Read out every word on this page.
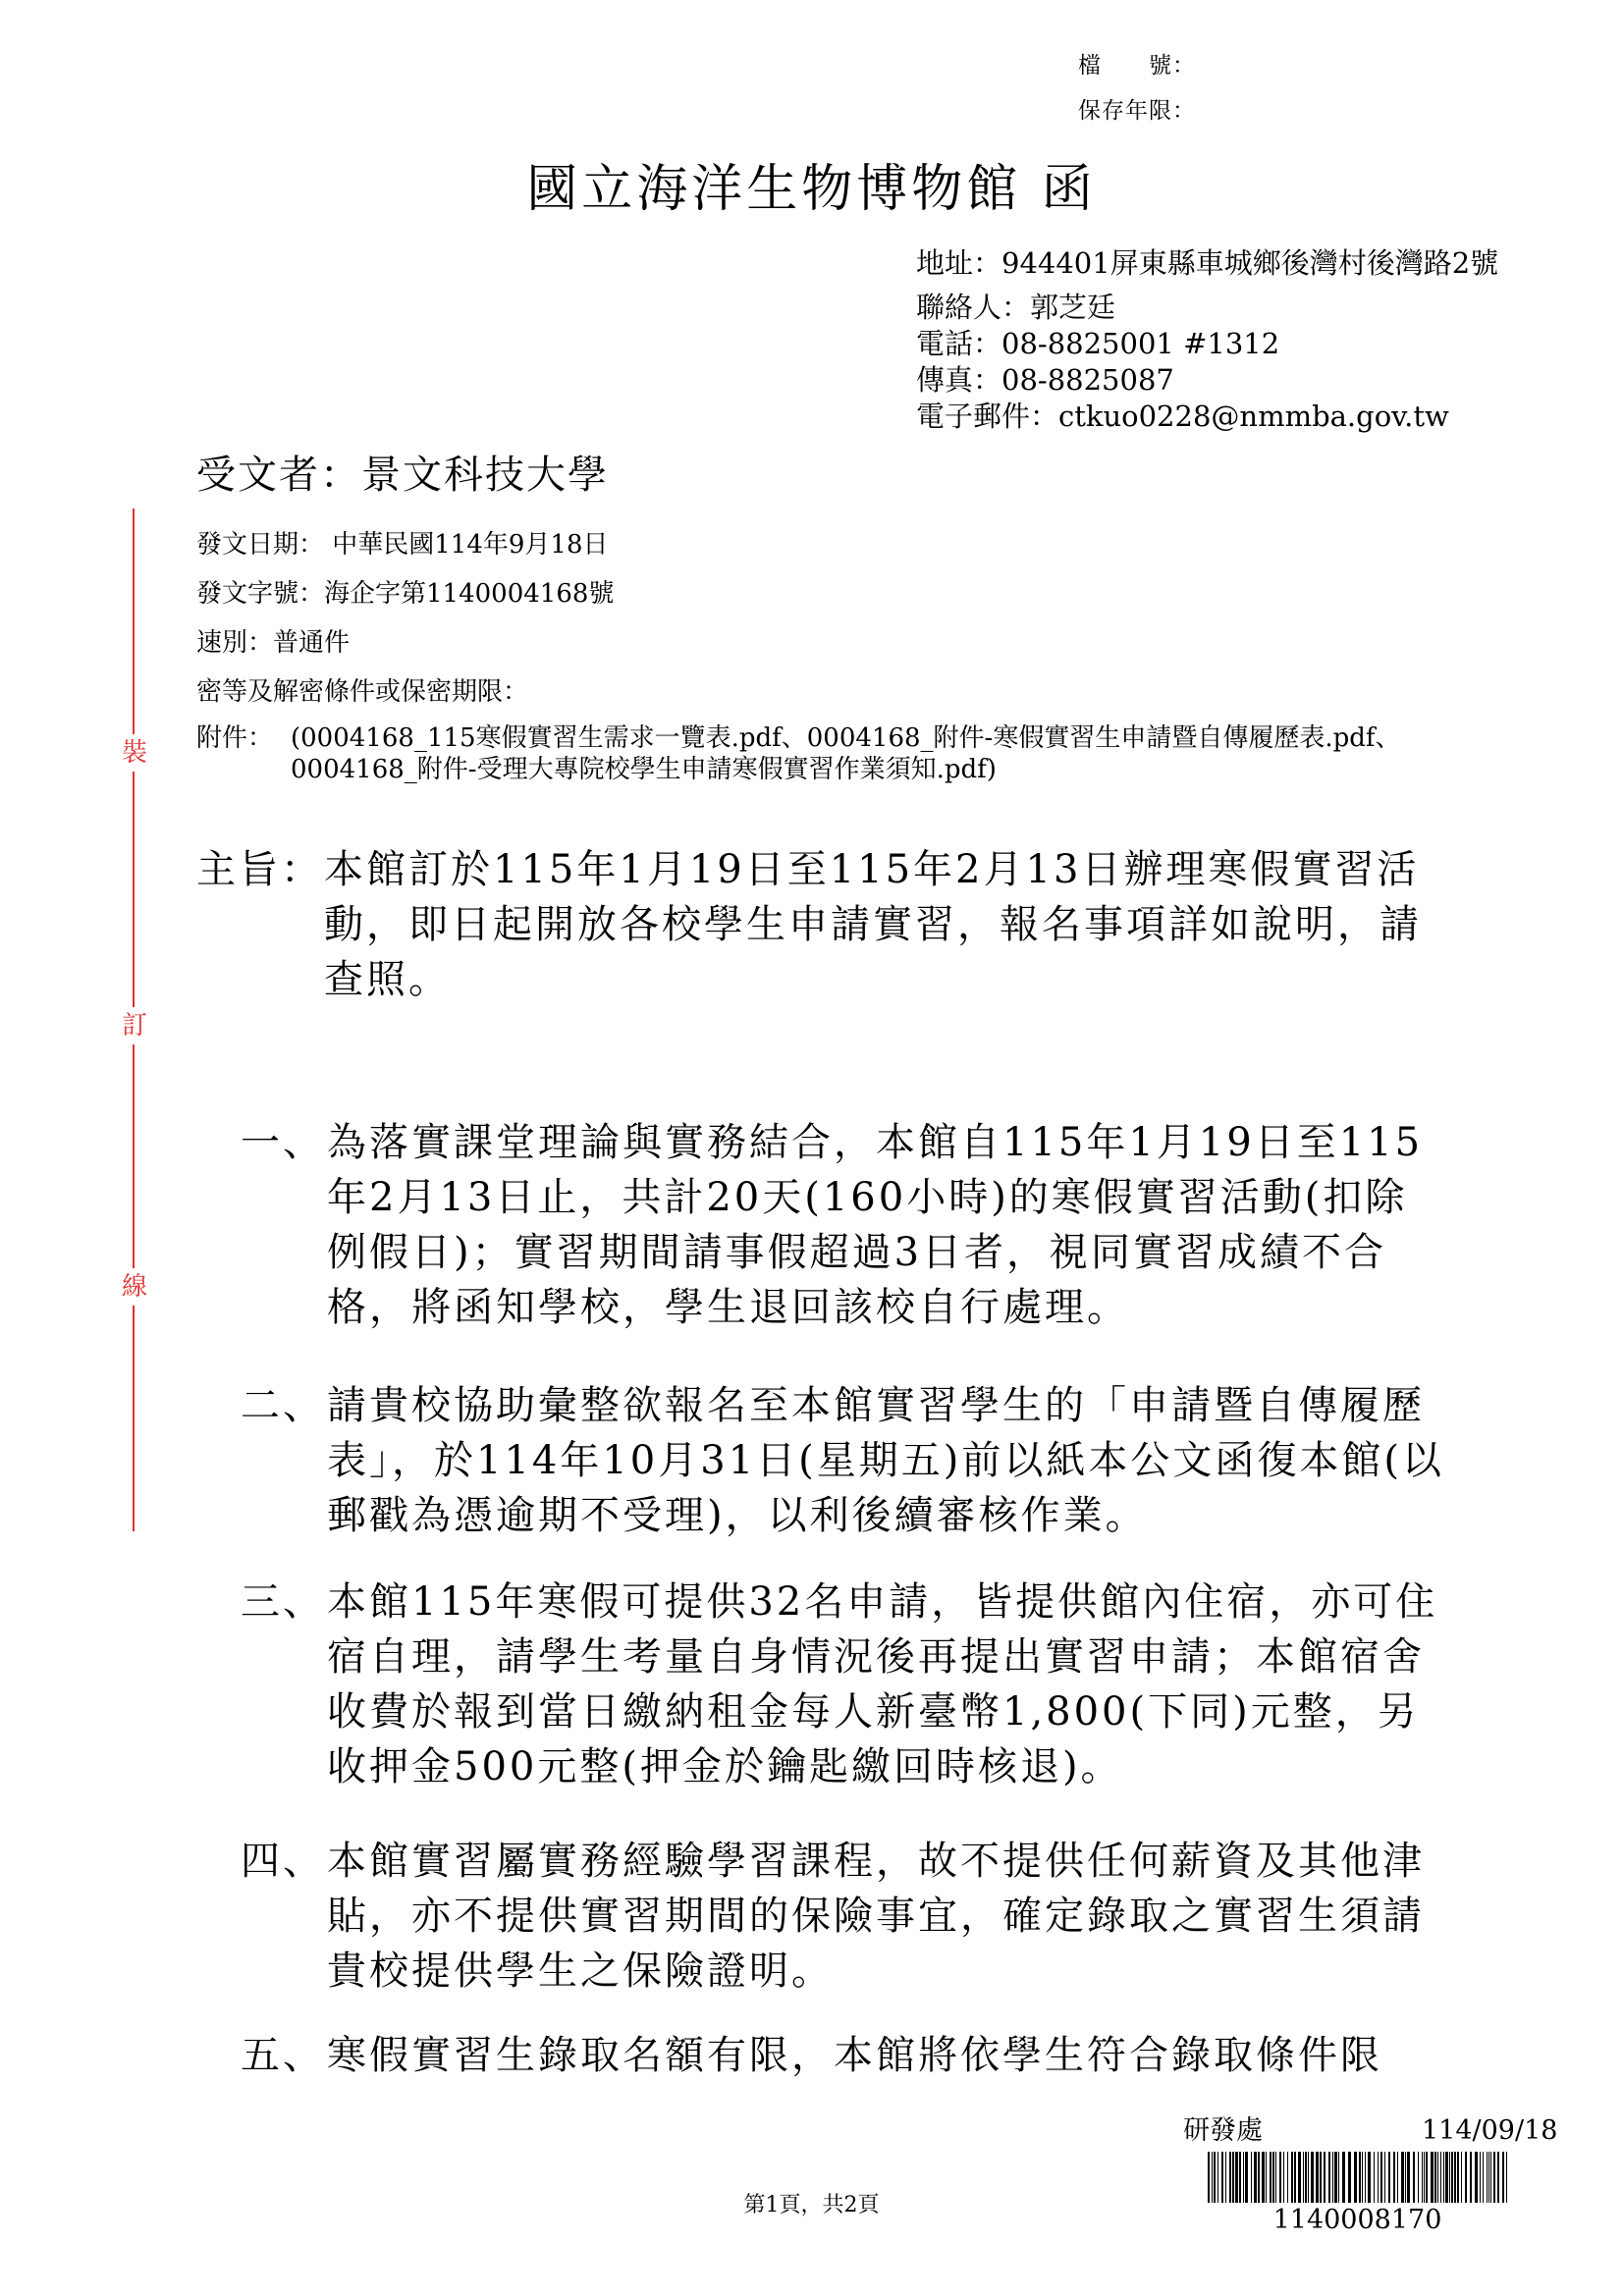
檔　　號：
保存年限：
國立海洋生物博物館 函
地址：944401屏東縣車城鄉後灣村後灣路2號
聯絡人：郭芝廷
電話：08-8825001 #1312
傳真：08-8825087
電子郵件：ctkuo0228@nmmba.gov.tw
受文者：景文科技大學
裝
訂
線
發文日期： 中華民國114年9月18日
發文字號：海企字第1140004168號
速別：普通件
密等及解密條件或保密期限：
附件： (0004168_115寒假實習生需求一覽表.pdf、0004168_附件-寒假實習生申請暨自傳履歷表.pdf、0004168_附件-受理大專院校學生申請寒假實習作業須知.pdf)
主旨： 本館訂於115年1月19日至115年2月13日辦理寒假實習活動，即日起開放各校學生申請實習，報名事項詳如說明，請查照。
一、 為落實課堂理論與實務結合，本館自115年1月19日至115年2月13日止，共計20天(160小時)的寒假實習活動(扣除例假日)；實習期間請事假超過3日者，視同實習成績不合格，將函知學校，學生退回該校自行處理。
二、 請貴校協助彙整欲報名至本館實習學生的「申請暨自傳履歷表」，於114年10月31日(星期五)前以紙本公文函復本館(以郵戳為憑逾期不受理)，以利後續審核作業。
三、 本館115年寒假可提供32名申請，皆提供館內住宿，亦可住宿自理，請學生考量自身情況後再提出實習申請；本館宿舍收費於報到當日繳納租金每人新臺幣1,800(下同)元整，另收押金500元整(押金於鑰匙繳回時核退)。
四、 本館實習屬實務經驗學習課程，故不提供任何薪資及其他津貼，亦不提供實習期間的保險事宜，確定錄取之實習生須請貴校提供學生之保險證明。
五、 寒假實習生錄取名額有限，本館將依學生符合錄取條件限
研發處	114/09/18
第1頁，共2頁	1140008170
